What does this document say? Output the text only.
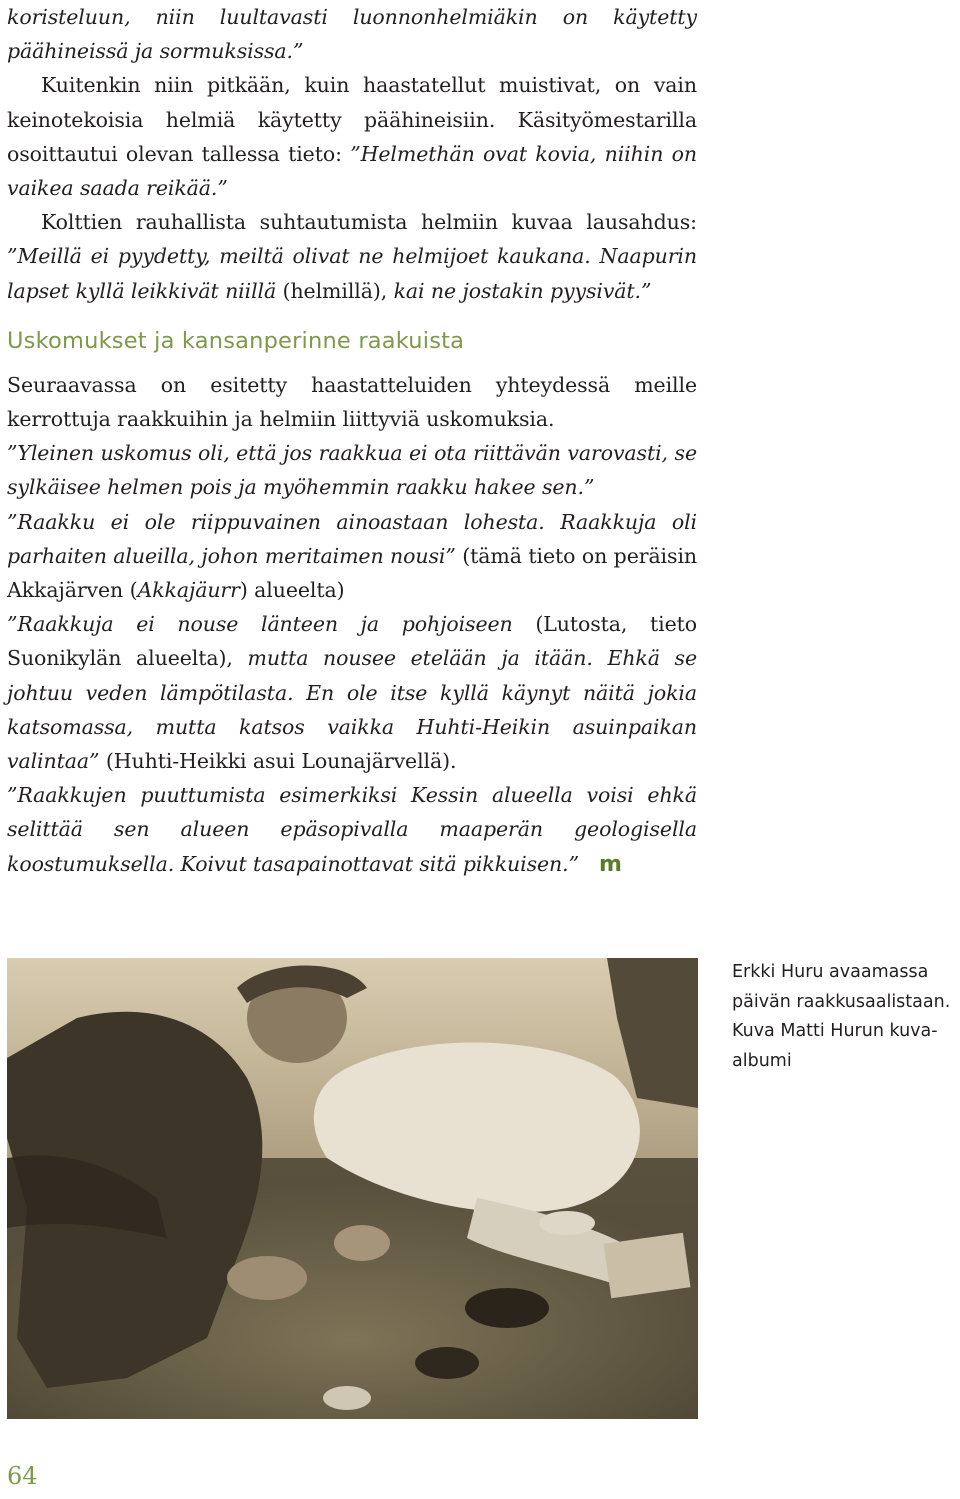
koristeluun, niin luultavasti luonnonhelmiäkin on käytetty päähineissä ja sormuksissa.”

Kuitenkin niin pitkään, kuin haastatellut muistivat, on vain keinotekoisia helmiä käytetty päähineisiin. Käsityömestarilla osoittautui olevan tallessa tieto: ”Helmethän ovat kovia, niihin on vaikea saada reikää.”

Kolttien rauhallista suhtautumista helmiin kuvaa lausahdus: ”Meillä ei pyydetty, meiltä olivat ne helmijoet kaukana. Naapurin lapset kyllä leikkivät niillä (helmillä), kai ne jostakin pyysivät.”

Uskomukset ja kansanperinne raakuista

Seuraavassa on esitetty haastatteluiden yhteydessä meille kerrottuja raakkuihin ja helmiin liittyviä uskomuksia.

”Yleinen uskomus oli, että jos raakkua ei ota riittävän varovasti, se sylkäisee helmen pois ja myöhemmin raakku hakee sen.”

”Raakku ei ole riippuvainen ainoastaan lohesta. Raakkuja oli parhaiten alueilla, johon meritaimen nousi” (tämä tieto on peräisin Akkajärven (Akkajäurr) alueelta)

”Raakkuja ei nouse länteen ja pohjoiseen (Lutosta, tieto Suonikylän alueelta), mutta nousee etelään ja itään. Ehkä se johtuu veden lämpötilasta. En ole itse kyllä käynyt näitä jokia katsomassa, mutta katsos vaikka Huhti-Heikin asuinpaikan valintaa” (Huhti-Heikki asui Lounajärvellä).

”Raakkujen puuttumista esimerkiksi Kessin alueella voisi ehkä selittää sen alueen epäsopivalla maaperän geologisella koostumuksella. Koivut tasapainottavat sitä pikkuisen.” m

Erkki Huru avaamassa

päivän raakkusaalistaan.

Kuva Matti Hurun kuva-

albumi

64
